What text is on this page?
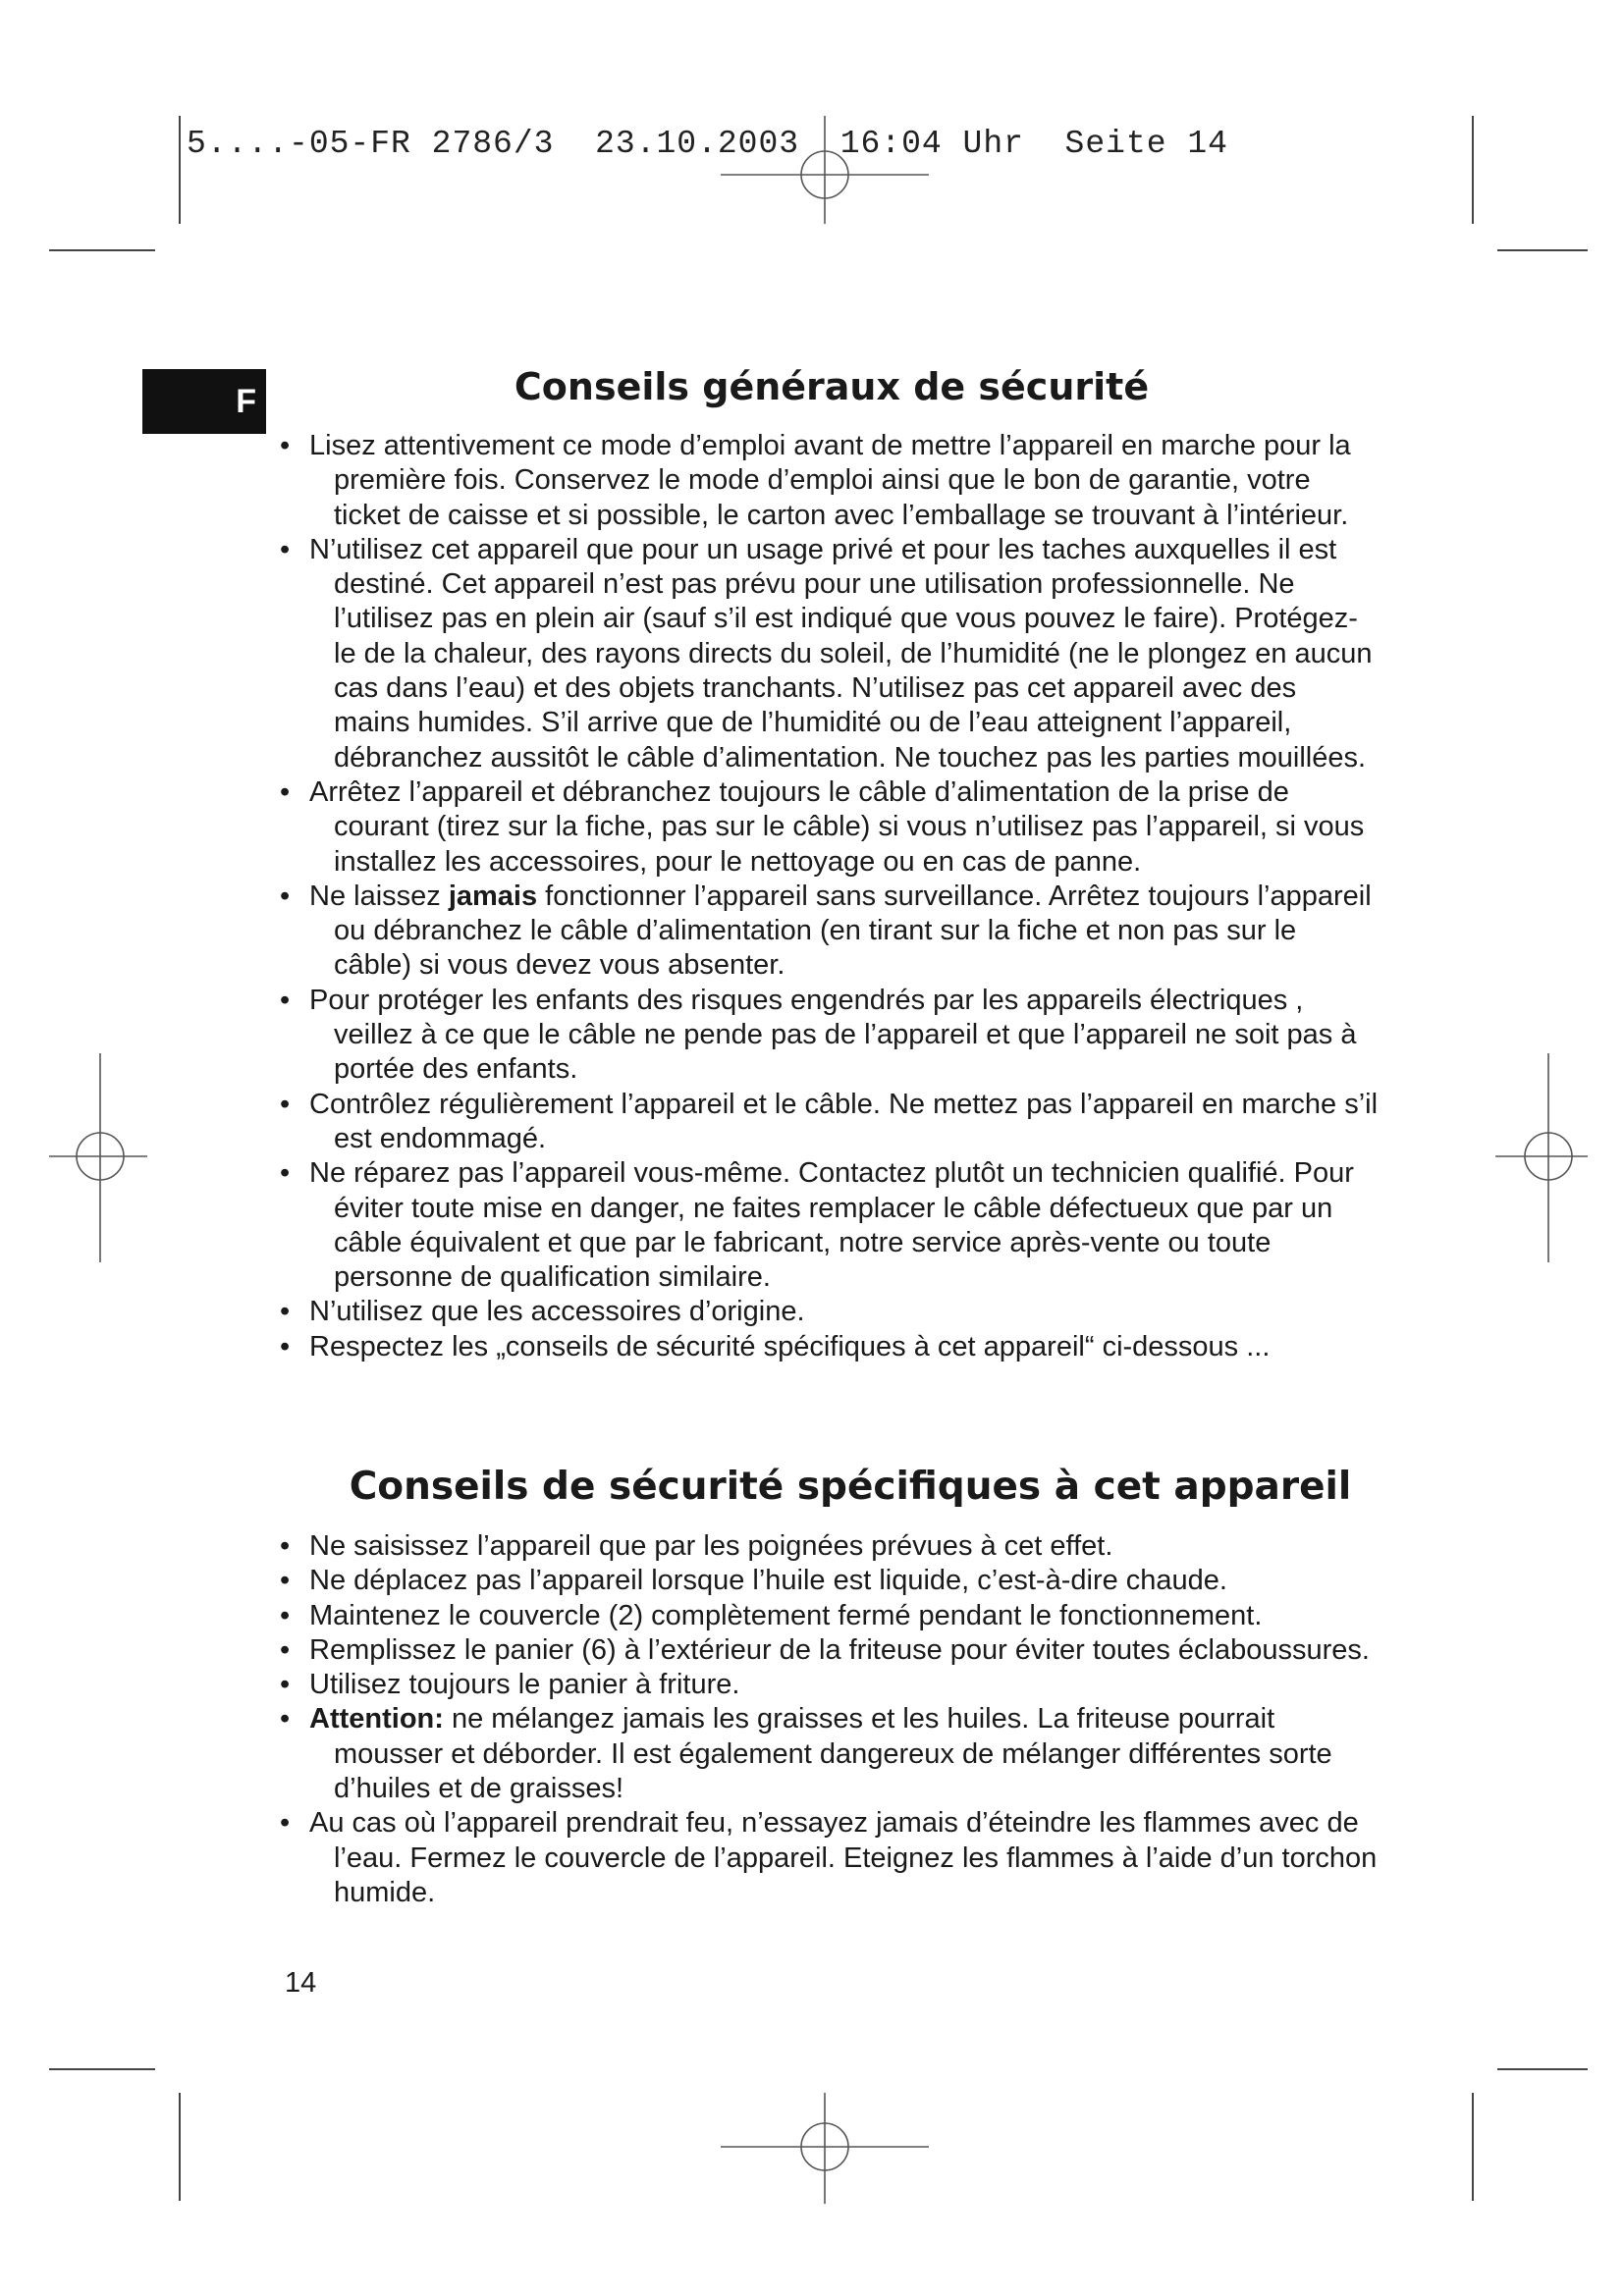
5....-05-FR 2786/3  23.10.2003  16:04 Uhr  Seite 14
F	Conseils généraux de sécurité
• Lisez attentivement ce mode d’emploi avant de mettre l’appareil en marche pour la première fois. Conservez le mode d’emploi ainsi que le bon de garantie, votre ticket de caisse et si possible, le carton avec l’emballage se trouvant à l’intérieur.
• N’utilisez cet appareil que pour un usage privé et pour les taches auxquelles il est destiné. Cet appareil n’est pas prévu pour une utilisation professionnelle. Ne l’utilisez pas en plein air (sauf s’il est indiqué que vous pouvez le faire). Protégez-le de la chaleur, des rayons directs du soleil, de l’humidité (ne le plongez en aucun cas dans l’eau) et des objets tranchants. N’utilisez pas cet appareil avec des mains humides. S’il arrive que de l’humidité ou de l’eau atteignent l’appareil, débranchez aussitôt le câble d’alimentation. Ne touchez pas les parties mouillées.
• Arrêtez l’appareil et débranchez toujours le câble d’alimentation de la prise de courant (tirez sur la fiche, pas sur le câble) si vous n’utilisez pas l’appareil, si vous installez les accessoires, pour le nettoyage ou en cas de panne.
• Ne laissez jamais fonctionner l’appareil sans surveillance. Arrêtez toujours l’appareil ou débranchez le câble d’alimentation (en tirant sur la fiche et non pas sur le câble) si vous devez vous absenter.
• Pour protéger les enfants des risques engendrés par les appareils électriques , veillez à ce que le câble ne pende pas de l’appareil et que l’appareil ne soit pas à portée des enfants.
• Contrôlez régulièrement l’appareil et le câble. Ne mettez pas l’appareil en marche s’il est endommagé.
• Ne réparez pas l’appareil vous-même. Contactez plutôt un technicien qualifié. Pour éviter toute mise en danger, ne faites remplacer le câble défectueux que par un câble équivalent et que par le fabricant, notre service après-vente ou toute personne de qualification similaire.
• N’utilisez que les accessoires d’origine.
• Respectez les „conseils de sécurité spécifiques à cet appareil“ ci-dessous ...
Conseils de sécurité spécifiques à cet appareil
• Ne saisissez l’appareil que par les poignées prévues à cet effet.
• Ne déplacez pas l’appareil lorsque l’huile est liquide, c’est-à-dire chaude.
• Maintenez le couvercle (2) complètement fermé pendant le fonctionnement.
• Remplissez le panier (6) à l’extérieur de la friteuse pour éviter toutes éclaboussures.
• Utilisez toujours le panier à friture.
• Attention: ne mélangez jamais les graisses et les huiles. La friteuse pourrait mousser et déborder. Il est également dangereux de mélanger différentes sorte d’huiles et de graisses!
• Au cas où l’appareil prendrait feu, n’essayez jamais d’éteindre les flammes avec de l’eau. Fermez le couvercle de l’appareil. Eteignez les flammes à l’aide d’un torchon humide.
14
